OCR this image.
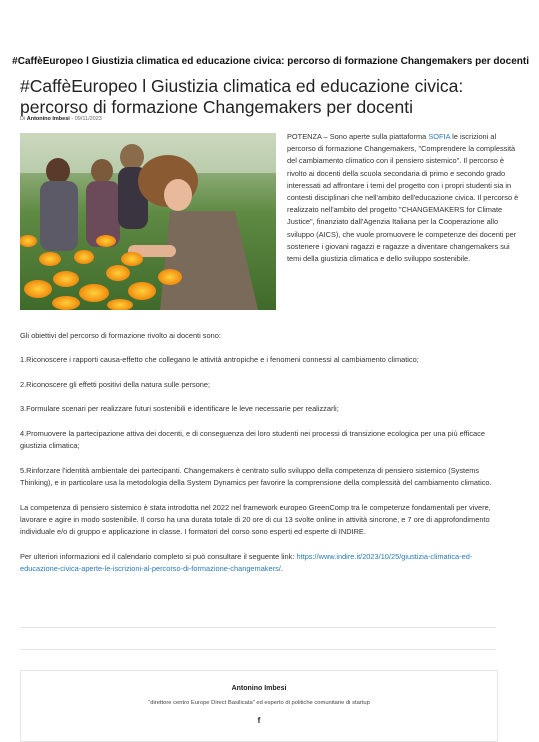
#CaffèEuropeo l Giustizia climatica ed educazione civica: percorso di formazione Changemakers per docenti
#CaffèEuropeo l Giustizia climatica ed educazione civica: percorso di formazione Changemakers per docenti
Di Antonino Imbesi - 09/11/2023

POTENZA – Sono aperte sulla piattaforma SOFIA le iscrizioni al percorso di formazione Changemakers, "Comprendere la complessità del cambiamento climatico con il pensiero sistemico". Il percorso è rivolto ai docenti della scuola secondaria di primo e secondo grado interessati ad affrontare i temi del progetto con i propri studenti sia in contesti disciplinari che nell'ambito dell'educazione civica. Il percorso è realizzato nell'ambito del progetto "CHANGEMAKERS for Climate Justice", finanziato dall'Agenzia Italiana per la Cooperazione allo sviluppo (AICS), che vuole promuovere le competenze dei docenti per sostenere i giovani ragazzi e ragazze a diventare changemakers sui temi della giustizia climatica e dello sviluppo sostenibile.

Gli obiettivi del percorso di formazione rivolto ai docenti sono:

1.Riconoscere i rapporti causa-effetto che collegano le attività antropiche e i fenomeni connessi al cambiamento climatico;

2.Riconoscere gli effetti positivi della natura sulle persone;

3.Formulare scenari per realizzare futuri sostenibili e identificare le leve necessarie per realizzarli;

4.Promuovere la partecipazione attiva dei docenti, e di conseguenza dei loro studenti nei processi di transizione ecologica per una più efficace giustizia climatica;

5.Rinforzare l'identità ambientale dei partecipanti. Changemakers è centrato sullo sviluppo della competenza di pensiero sistemico (Systems Thinking), e in particolare usa la metodologia della System Dynamics per favorire la comprensione della complessità del cambiamento climatico.

La competenza di pensiero sistemico è stata introdotta nel 2022 nel framework europeo GreenComp tra le competenze fondamentali per vivere, lavorare e agire in modo sostenibile. Il corso ha una durata totale di 20 ore di cui 13 svolte online in attività sincrone, e 7 ore di approfondimento individuale e/o di gruppo e applicazione in classe. I formatori del corso sono esperti ed esperte di INDIRE.

Per ulteriori informazioni ed il calendario completo si può consultare il seguente link: https://www.indire.it/2023/10/25/giustizia-climatica-ed-educazione-civica-aperte-le-iscrizioni-al-percorso-di-formazione-changemakers/.

Antonino Imbesi
"direttore centro Europe Direct Basilicata" ed esperto di politiche comunitarie di startup
f
